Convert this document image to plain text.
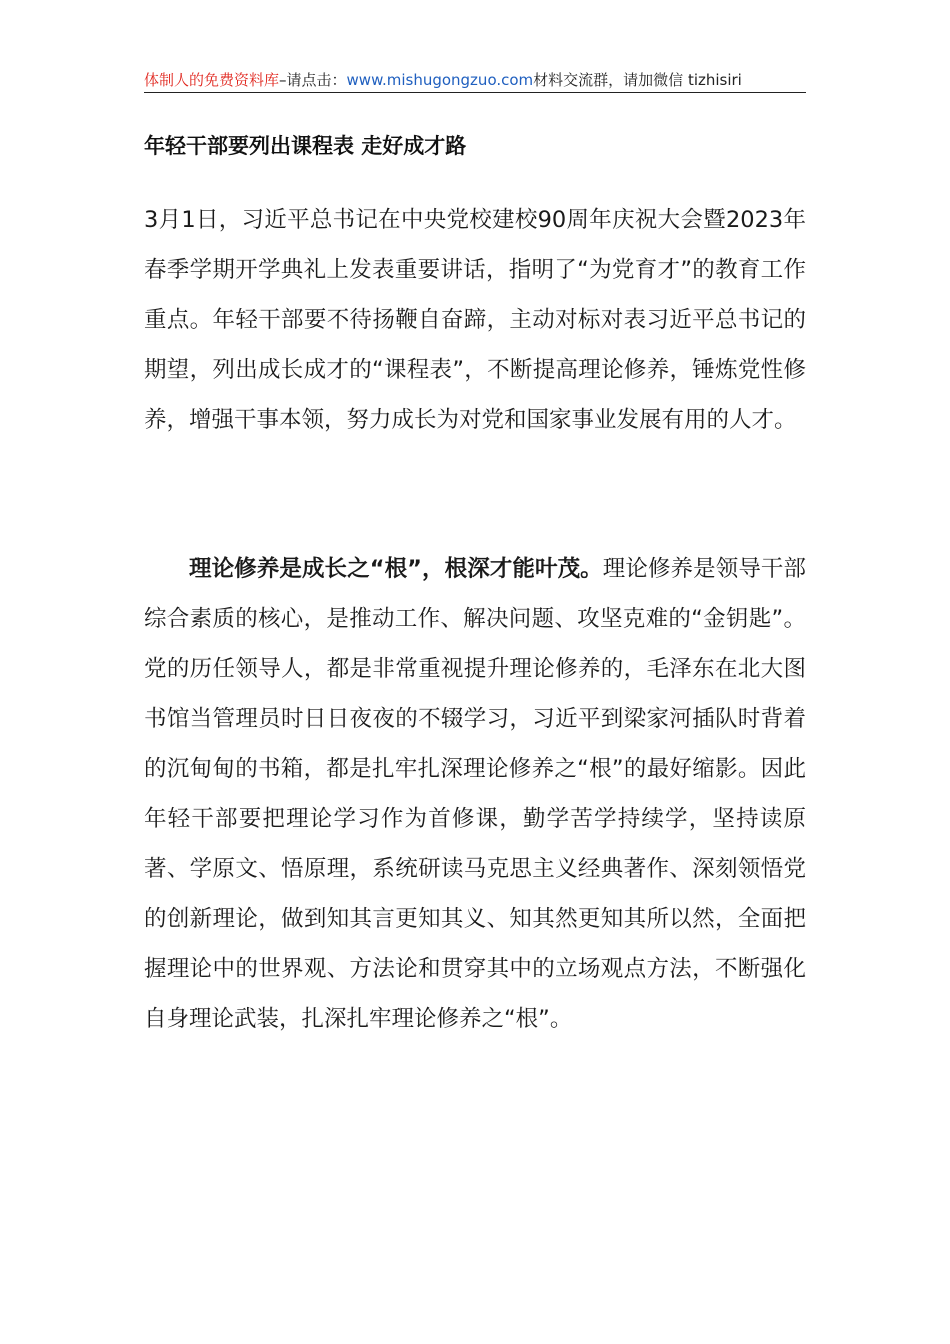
体制人的免费资料库–请点击：www.mishugongzuo.com材料交流群，请加微信 tizhisiri
年轻干部要列出课程表 走好成才路
3月1日，习近平总书记在中央党校建校90周年庆祝大会暨2023年春季学期开学典礼上发表重要讲话，指明了“为党育才”的教育工作重点。年轻干部要不待扬鞭自奋蹄，主动对标对表习近平总书记的期望，列出成长成才的“课程表”，不断提高理论修养，锤炼党性修养，增强干事本领，努力成长为对党和国家事业发展有用的人才。
理论修养是成长之“根”，根深才能叶茂。理论修养是领导干部综合素质的核心，是推动工作、解决问题、攻坚克难的“金钥匙”。党的历任领导人，都是非常重视提升理论修养的，毛泽东在北大图书馆当管理员时日日夜夜的不辍学习，习近平到梁家河插队时背着的沉甸甸的书箱，都是扎牢扎深理论修养之“根”的最好缩影。因此年轻干部要把理论学习作为首修课，勤学苦学持续学，坚持读原著、学原文、悟原理，系统研读马克思主义经典著作、深刻领悟党的创新理论，做到知其言更知其义、知其然更知其所以然，全面把握理论中的世界观、方法论和贯穿其中的立场观点方法，不断强化自身理论武装，扎深扎牢理论修养之“根”。
